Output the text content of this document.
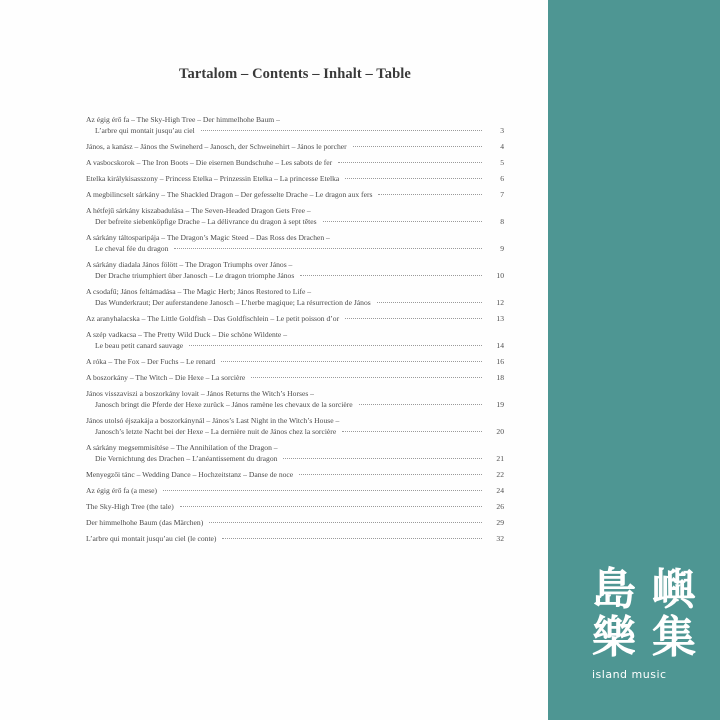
Tartalom – Contents – Inhalt – Table
Az égig érő fa – The Sky-High Tree – Der himmelhohe Baum –
L’arbre qui montait jusqu’au ciel	3
János, a kanász – János the Swineherd – Janosch, der Schweinehirt – János le porcher	4
A vasbocskorok – The Iron Boots – Die eisernen Bundschuhe – Les sabots de fer	5
Etelka királykisasszony – Princess Etelka – Prinzessin Etelka – La princesse Etelka	6
A megbilincselt sárkány – The Shackled Dragon – Der gefesselte Drache – Le dragon aux fers	7
A hétfejű sárkány kiszabadulása – The Seven-Headed Dragon Gets Free –
Der befreite siebenköpfige Drache – La délivrance du dragon à sept têtes	8
A sárkány táltosparipája – The Dragon’s Magic Steed – Das Ross des Drachen –
Le cheval fée du dragon	9
A sárkány diadala János fölött – The Dragon Triumphs over János –
Der Drache triumphiert über Janosch – Le dragon triomphe János	10
A csodafű; János feltámadása – The Magic Herb; János Restored to Life –
Das Wunderkraut; Der auferstandene Janosch – L’herbe magique; La résurrection de János	12
Az aranyhalacska – The Little Goldfish – Das Goldfischlein – Le petit poisson d’or	13
A szép vadkacsa – The Pretty Wild Duck – Die schöne Wildente –
Le beau petit canard sauvage	14
A róka – The Fox – Der Fuchs – Le renard	16
A boszorkány – The Witch – Die Hexe – La sorcière	18
János visszaviszi a boszorkány lovait – János Returns the Witch’s Horses –
Janosch bringt die Pferde der Hexe zurück – János ramène les chevaux de la sorcière	19
János utolsó éjszakája a boszorkánynál – János’s Last Night in the Witch’s House –
Janosch’s letzte Nacht bei der Hexe – La dernière nuit de János chez la sorcière	20
A sárkány megsemmisítése – The Annihilation of the Dragon –
Die Vernichtung des Drachen – L’anéantissement du dragon	21
Menyegzői tánc – Wedding Dance – Hochzeitstanz – Danse de noce	22
Az égig érő fa (a mese)	24
The Sky-High Tree (the tale)	26
Der himmelhohe Baum (das Märchen)	29
L’arbre qui montait jusqu’au ciel (le conte)	32
島 嶼
樂 集
island music
